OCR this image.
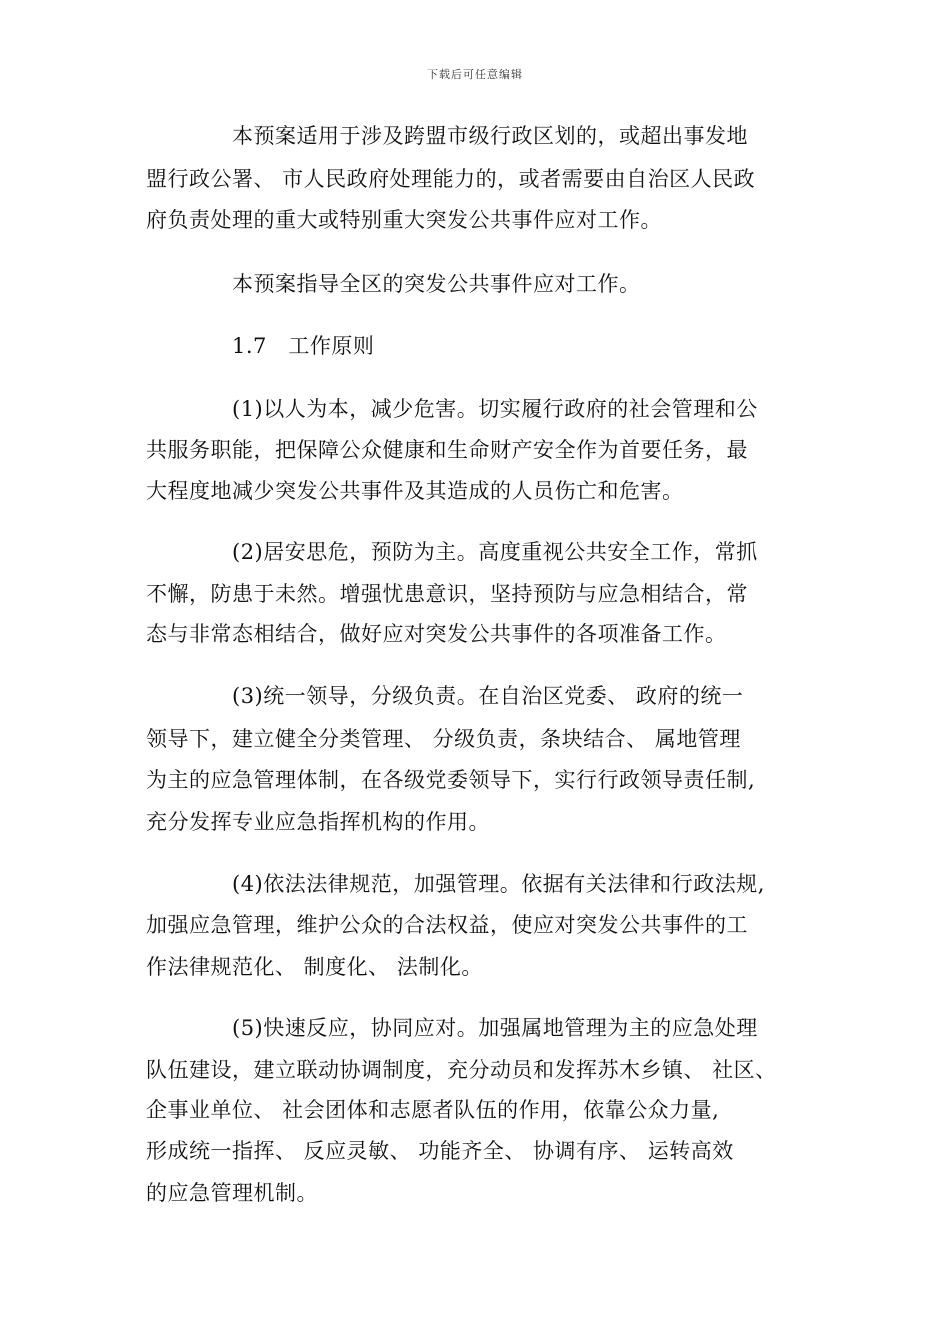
下载后可任意编辑
本预案适用于涉及跨盟市级行政区划的，或超出事发地
盟行政公署、 市人民政府处理能力的，或者需要由自治区人民政
府负责处理的重大或特别重大突发公共事件应对工作。
本预案指导全区的突发公共事件应对工作。
1.7　工作原则
(1)以人为本，减少危害。切实履行政府的社会管理和公
共服务职能，把保障公众健康和生命财产安全作为首要任务，最
大程度地减少突发公共事件及其造成的人员伤亡和危害。
(2)居安思危，预防为主。高度重视公共安全工作，常抓
不懈，防患于未然。增强忧患意识，坚持预防与应急相结合，常
态与非常态相结合，做好应对突发公共事件的各项准备工作。
(3)统一领导，分级负责。在自治区党委、 政府的统一
领导下，建立健全分类管理、 分级负责，条块结合、 属地管理
为主的应急管理体制，在各级党委领导下，实行行政领导责任制,
充分发挥专业应急指挥机构的作用。
(4)依法法律规范，加强管理。依据有关法律和行政法规,
加强应急管理，维护公众的合法权益，使应对突发公共事件的工
作法律规范化、 制度化、 法制化。
(5)快速反应，协同应对。加强属地管理为主的应急处理
队伍建设，建立联动协调制度，充分动员和发挥苏木乡镇、 社区、
企事业单位、 社会团体和志愿者队伍的作用，依靠公众力量,
形成统一指挥、 反应灵敏、 功能齐全、 协调有序、 运转高效
的应急管理机制。
